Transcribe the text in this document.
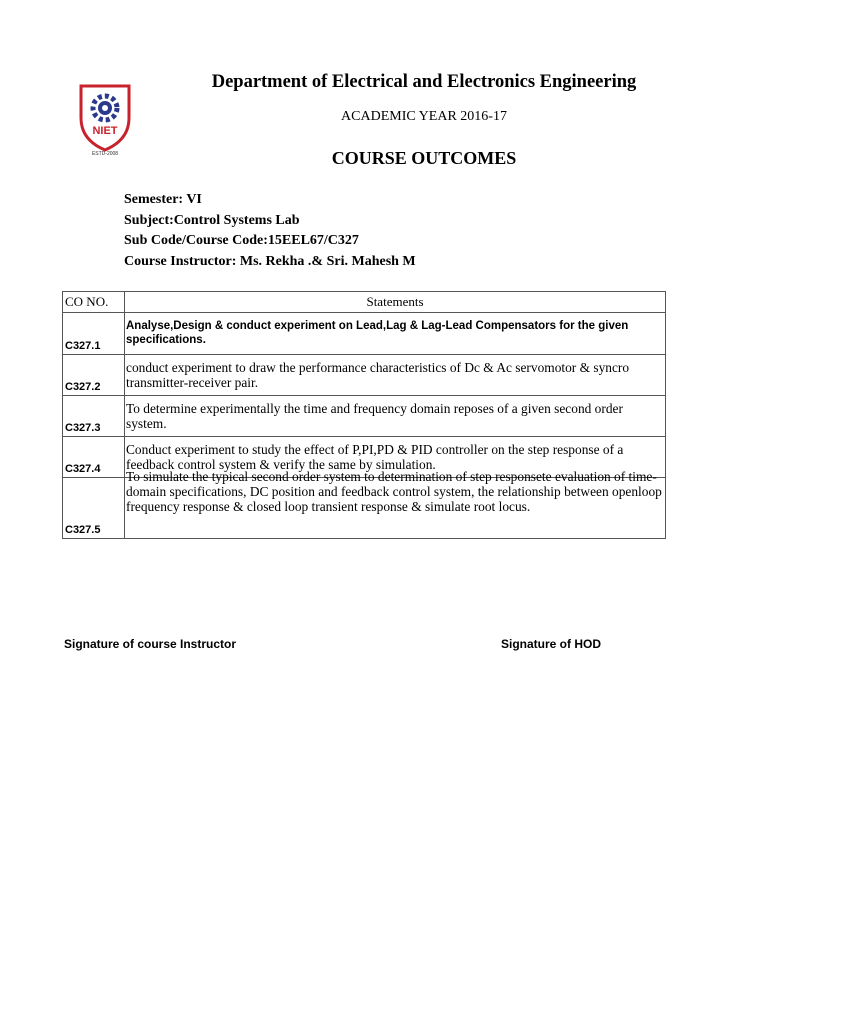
NIET
ESTD-2008
Department of Electrical and Electronics Engineering
ACADEMIC YEAR 2016-17
COURSE OUTCOMES
Semester: VI
Subject:Control Systems Lab
Sub Code/Course Code:15EEL67/C327
Course Instructor: Ms. Rekha .& Sri. Mahesh M
CO NO.	Statements
C327.1	Analyse,Design & conduct experiment on Lead,Lag & Lag-Lead Compensators for the given specifications.
C327.2	conduct experiment to draw the performance characteristics of Dc & Ac servomotor & syncro transmitter-receiver pair.
C327.3	To determine experimentally the time and frequency domain reposes of a given second order system.
C327.4	Conduct experiment to study the effect of P,PI,PD & PID controller on the step response of a feedback control system & verify the same by simulation.
C327.5	To simulate the typical second order system to determination of step responsete evaluation of time-domain specifications, DC position and feedback control system, the relationship between openloop frequency response & closed loop transient response & simulate root locus.
Signature of course Instructor	Signature of HOD
